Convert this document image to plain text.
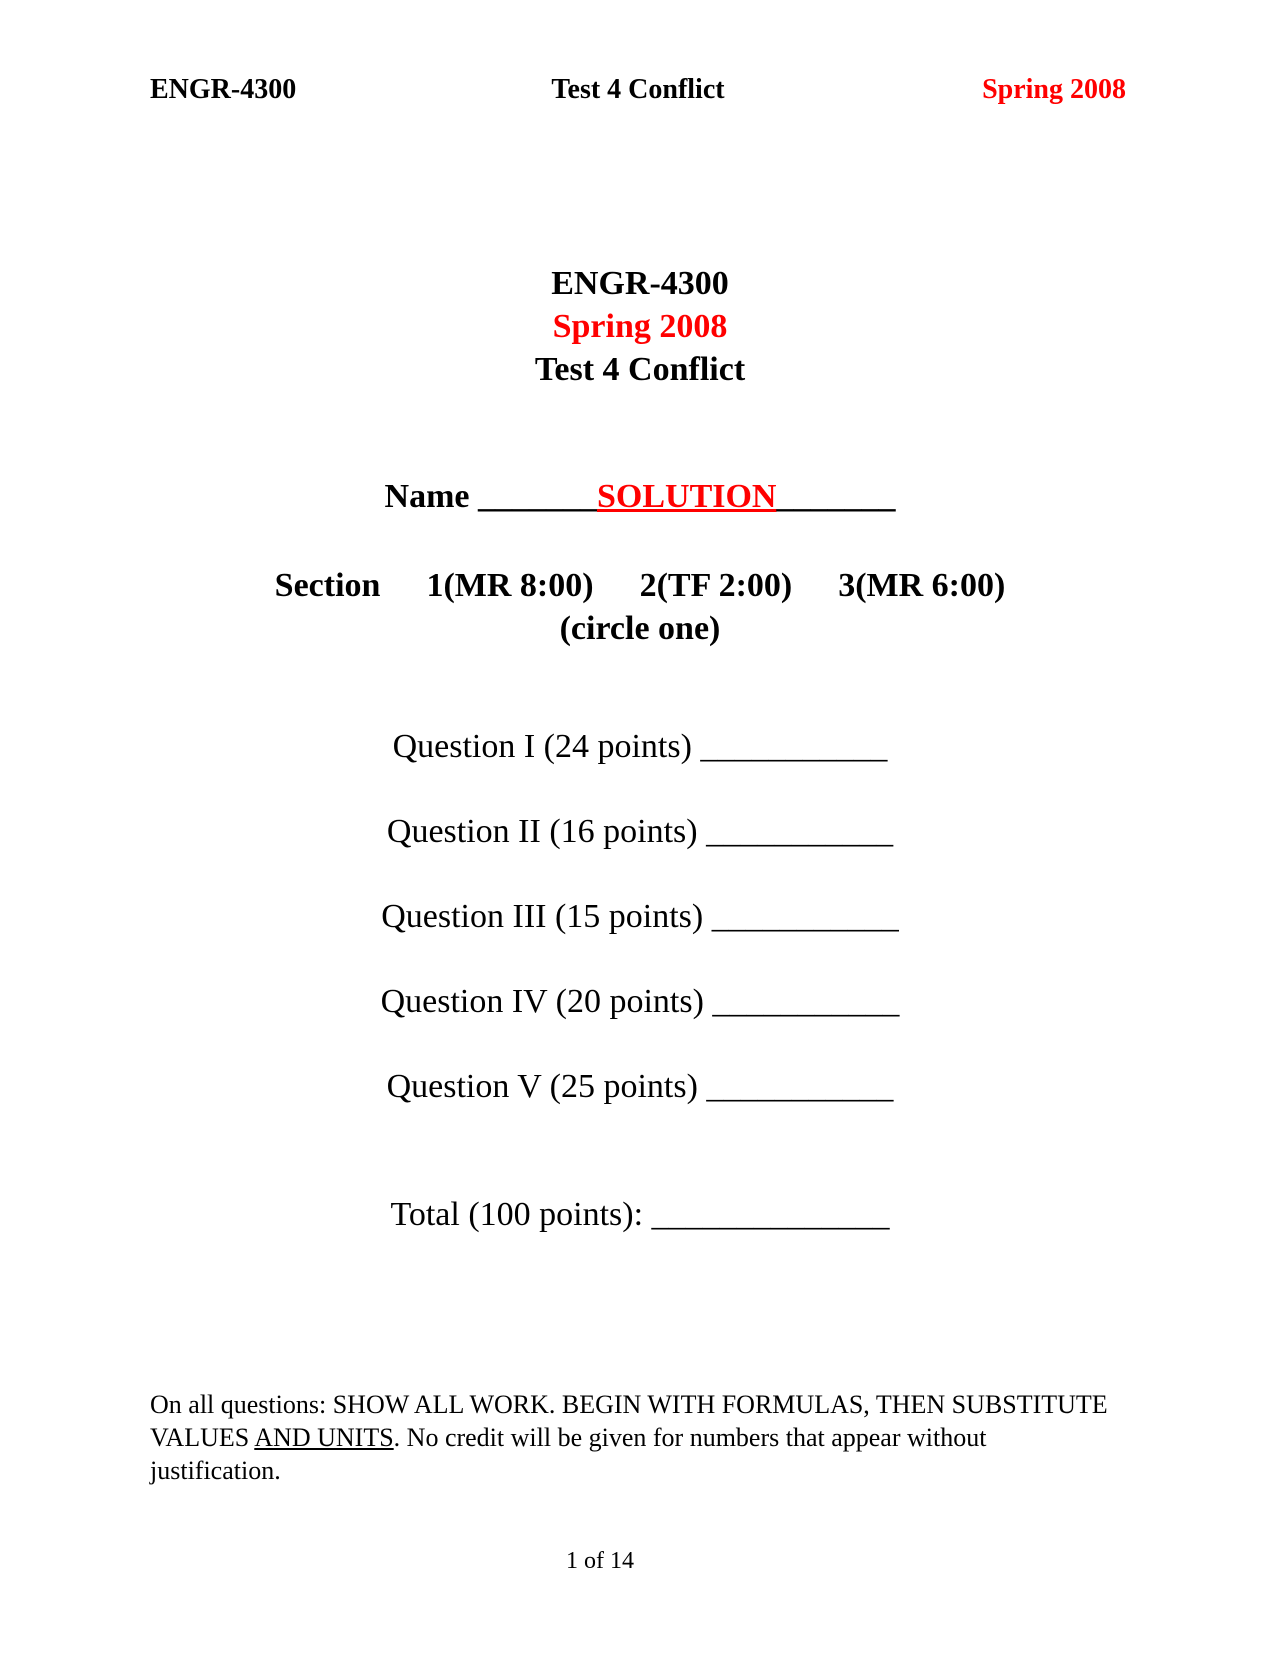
ENGR-4300	Test 4 Conflict	Spring 2008
ENGR-4300
Spring 2008
Test 4 Conflict
Name _______SOLUTION_______
Section 1(MR 8:00) 2(TF 2:00) 3(MR 6:00)
(circle one)
Question I (24 points) ___________
Question II (16 points) ___________
Question III (15 points) ___________
Question IV (20 points) ___________
Question V (25 points) ___________
Total (100 points): ______________
On all questions: SHOW ALL WORK. BEGIN WITH FORMULAS, THEN SUBSTITUTE VALUES AND UNITS. No credit will be given for numbers that appear without justification.
1 of 14
